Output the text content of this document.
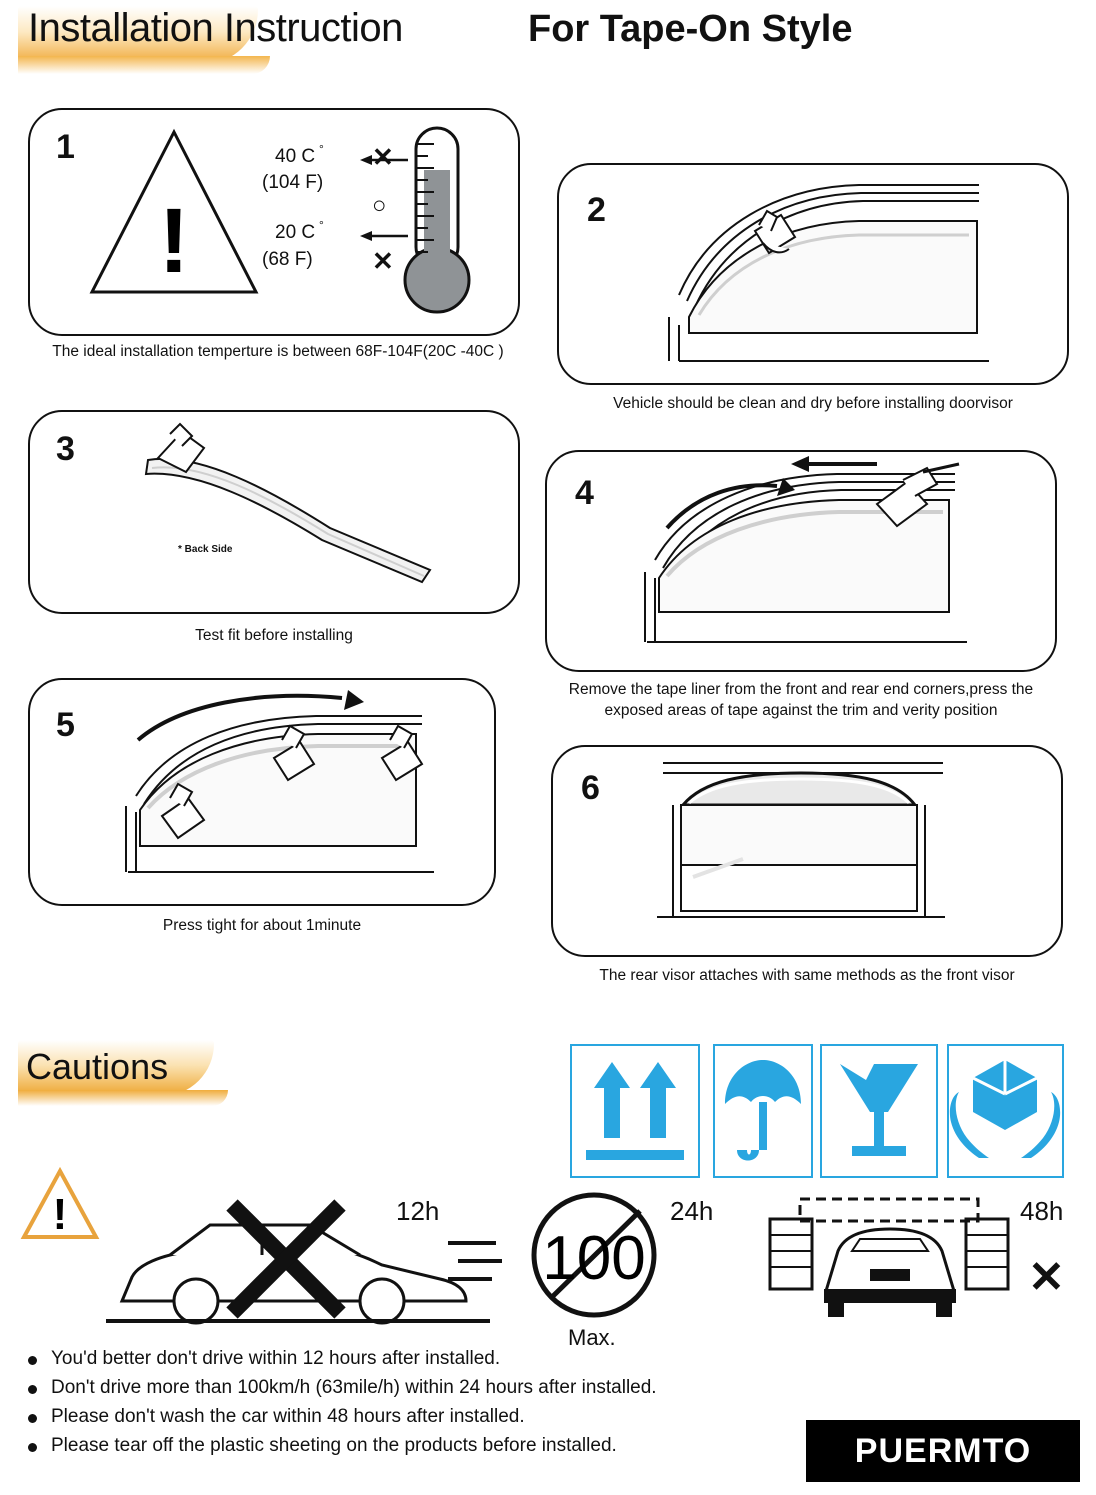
Installation Instruction	For Tape-On Style
1
!
40 C °
(104 F)
20 C °
(68 F)
✕
○
✕
The ideal installation temperture is between 68F-104F(20C -40C )
2
Vehicle should be clean and dry before installing doorvisor
3
* Back Side
Test fit before installing
4
Remove the tape liner from the front and rear end corners,press the exposed areas of tape against the trim and verity position
5
Press tight for about 1minute
6
The rear visor attaches with same methods as the front visor
Cautions
!	12h
100
Max.
24h	48h
✕
You'd better don't drive within 12 hours after installed.
Don't drive more than 100km/h (63mile/h) within 24 hours after installed.
Please don't wash the car within 48 hours after installed.
Please tear off the plastic sheeting on the products before installed.	PUERMTO
